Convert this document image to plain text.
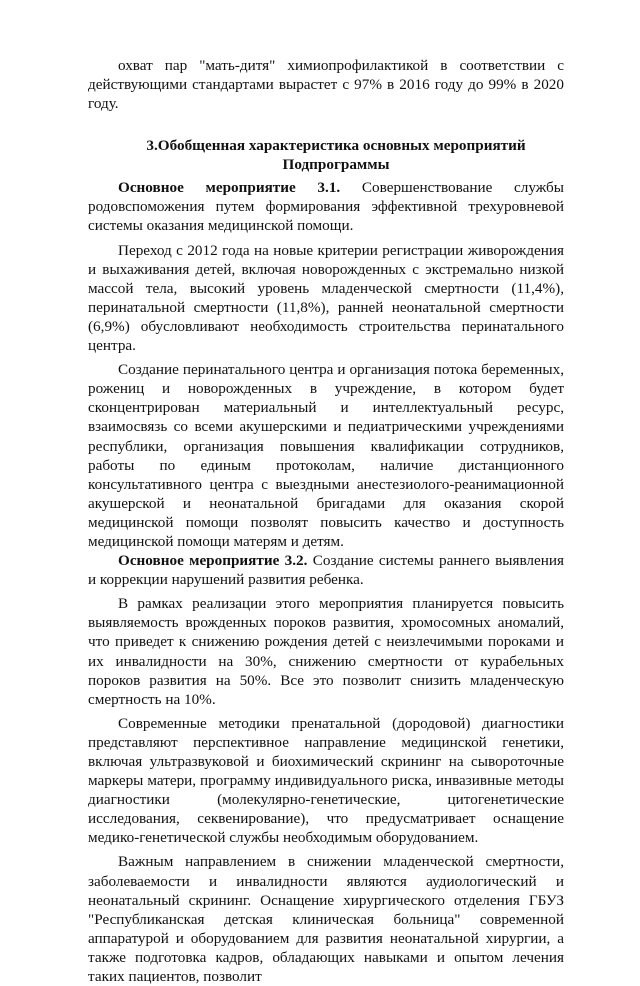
охват пар "мать-дитя" химиопрофилактикой в соответствии с действующими стандартами вырастет с 97% в 2016 году до 99% в 2020 году.

3.Обобщенная характеристика основных мероприятий
Подпрограммы

Основное мероприятие 3.1. Совершенствование службы родовспоможения путем формирования эффективной трехуровневой системы оказания медицинской помощи.

Переход с 2012 года на новые критерии регистрации живорождения и выхаживания детей, включая новорожденных с экстремально низкой массой тела, высокий уровень младенческой смертности (11,4%), перинатальной смертности (11,8%), ранней неонатальной смертности (6,9%) обусловливают необходимость строительства перинатального центра.

Создание перинатального центра и организация потока беременных, рожениц и новорожденных в учреждение, в котором будет сконцентрирован материальный и интеллектуальный ресурс, взаимосвязь со всеми акушерскими и педиатрическими учреждениями республики, организация повышения квалификации сотрудников, работы по единым протоколам, наличие дистанционного консультативного центра с выездными анестезиолого-реанимационной акушерской и неонатальной бригадами для оказания скорой медицинской помощи позволят повысить качество и доступность медицинской помощи матерям и детям.

Основное мероприятие 3.2. Создание системы раннего выявления и коррекции нарушений развития ребенка.

В рамках реализации этого мероприятия планируется повысить выявляемость врожденных пороков развития, хромосомных аномалий, что приведет к снижению рождения детей с неизлечимыми пороками и их инвалидности на 30%, снижению смертности от курабельных пороков развития на 50%. Все это позволит снизить младенческую смертность на 10%.

Современные методики пренатальной (дородовой) диагностики представляют перспективное направление медицинской генетики, включая ультразвуковой и биохимический скрининг на сывороточные маркеры матери, программу индивидуального риска, инвазивные методы диагностики (молекулярно-генетические, цитогенетические исследования, секвенирование), что предусматривает оснащение медико-генетической службы необходимым оборудованием.

Важным направлением в снижении младенческой смертности, заболеваемости и инвалидности являются аудиологический и неонатальный скрининг. Оснащение хирургического отделения ГБУЗ "Республиканская детская клиническая больница" современной аппаратурой и оборудованием для развития неонатальной хирургии, а также подготовка кадров, обладающих навыками и опытом лечения таких пациентов, позволит
